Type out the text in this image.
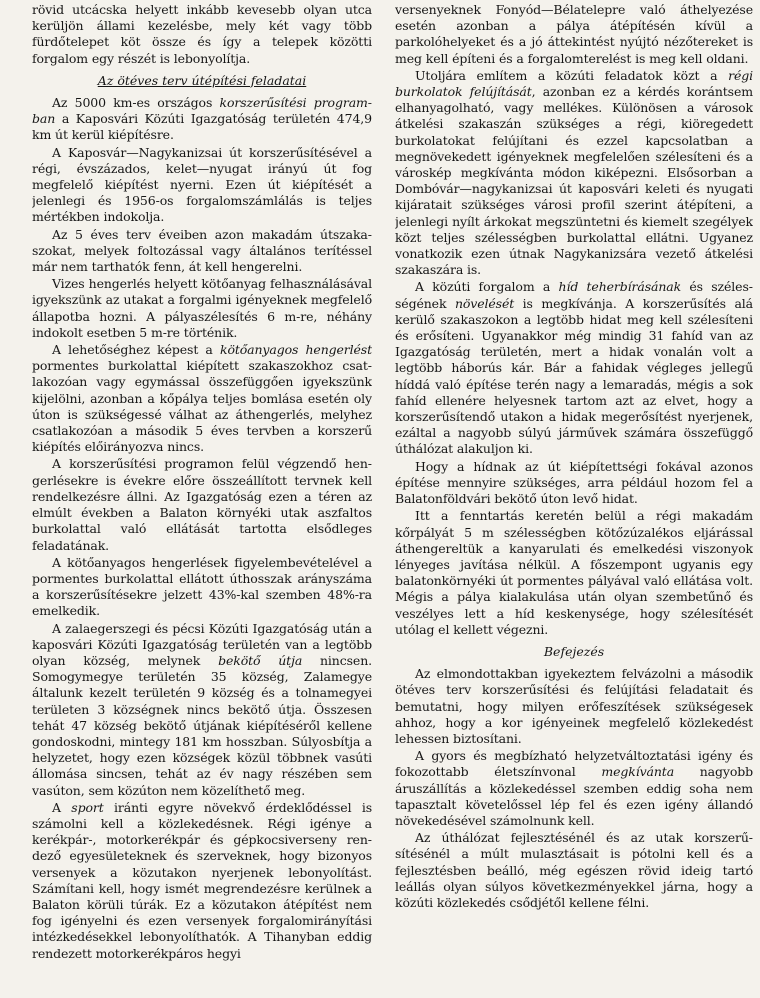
rövid utcácska helyett inkább kevesebb olyan utca kerüljön állami kezelésbe, mely két vagy több fürdőtelepet köt össze és így a telepek közötti forgalom egy részét is lebonyolítja.

Az ötéves terv útépítési feladatai

Az 5000 km-es országos korszerűsítési programban a Kaposvári Közúti Igazgatóság területén 474,9 km út kerül kiépítésre.

A Kaposvár—Nagykanizsai út korszerűsítésével a régi, évszázados, kelet—nyugat irányú út fog megfelelő kiépítést nyerni. Ezen út kiépítését a jelenlegi és 1956-os forgalomszámlálás is teljes mértékben indokolja.

Az 5 éves terv éveiben azon makadám útszakaszokat, melyek foltozással vagy általános terítéssel már nem tarthatók fenn, át kell hengerelni.

Vizes hengerlés helyett kötőanyag felhasználásával igyekszünk az utakat a forgalmi igényeknek megfelelő állapotba hozni. A pályaszélesítés 6 m-re, néhány indokolt esetben 5 m-re történik.

A lehetőséghez képest a kötőanyagos hengerlést pormentes burkolattal kiépített szakaszokhoz csatlakozóan vagy egymással összefüggően igyekszünk kijelölni, azonban a kőpálya teljes bomlása esetén oly úton is szükségessé válhat az áthengerlés, melyhez csatlakozóan a második 5 éves tervben a korszerű kiépítés előirányozva nincs.

A korszerűsítési programon felül végzendő hengerlésekre is évekre előre összeállított tervnek kell rendelkezésre állni. Az Igazgatóság ezen a téren az elmúlt években a Balaton környéki utak aszfaltos burkolattal való ellátását tartotta elsődleges feladatának.

A kötőanyagos hengerlések figyelembevételével a pormentes burkolattal ellátott úthosszak arányszáma a korszerűsítésekre jelzett 43%-kal szemben 48%-ra emelkedik.

A zalaegerszegi és pécsi Közúti Igazgatóság után a kaposvári Közúti Igazgatóság területén van a legtöbb olyan község, melynek bekötő útja nincsen. Somogymegye területén 35 község, Zalamegye általunk kezelt területén 9 község és a tolnamegyei területen 3 községnek nincs bekötő útja. Összesen tehát 47 község bekötő útjának kiépítéséről kellene gondoskodni, mintegy 181 km hosszban. Súlyosbítja a helyzetet, hogy ezen községek közül többnek vasúti állomása sincsen, tehát az év nagy részében sem vasúton, sem közúton nem közelíthető meg.

A sport iránti egyre növekvő érdeklődéssel is számolni kell a közlekedésnek. Régi igénye a kerékpár-, motorkerékpár és gépkocsiverseny rendező egyesületeknek és szerveknek, hogy bizonyos versenyek a közutakon nyerjenek lebonyolítást. Számítani kell, hogy ismét megrendezésre kerülnek a Balaton körüli túrák. Ez a közutakon átépítést nem fog igényelni és ezen versenyek forgalomirányítási intézkedésekkel lebonyolíthatók. A Tihanyban eddig rendezett motorkerékpáros hegyi

versenyeknek Fonyód—Bélatelepre való áthelyezése esetén azonban a pálya átépítésén kívül a parkolóhelyeket és a jó áttekintést nyújtó nézőtereket is meg kell építeni és a forgalomterelést is meg kell oldani.

Utoljára említem a közúti feladatok közt a régi burkolatok felújítását, azonban ez a kérdés korántsem elhanyagolható, vagy mellékes. Különösen a városok átkelési szakaszán szükséges a régi, kiöregedett burkolatokat felújítani és ezzel kapcsolatban a megnövekedett igényeknek megfelelően szélesíteni és a városkép megkívánta módon kiképezni. Elsősorban a Dombóvár—nagykanizsai út kaposvári keleti és nyugati kijáratait szükséges városi profil szerint átépíteni, a jelenlegi nyílt árkokat megszüntetni és kiemelt szegélyek közt teljes szélességben burkolattal ellátni. Ugyanez vonatkozik ezen útnak Nagykanizsára vezető átkelési szakaszára is.

A közúti forgalom a híd teherbírásának és szélességének növelését is megkívánja. A korszerűsítés alá kerülő szakaszokon a legtöbb hidat meg kell szélesíteni és erősíteni. Ugyanakkor még mindig 31 fahíd van az Igazgatóság területén, mert a hidak vonalán volt a legtöbb háborús kár. Bár a fahidak végleges jellegű híddá való építése terén nagy a lemaradás, mégis a sok fahíd ellenére helyesnek tartom azt az elvet, hogy a korszerűsítendő utakon a hidak megerősítést nyerjenek, ezáltal a nagyobb súlyú járművek számára összefüggő úthálózat alakuljon ki.

Hogy a hídnak az út kiépítettségi fokával azonos építése mennyire szükséges, arra például hozom fel a Balatonföldvári bekötő úton levő hidat.

Itt a fenntartás keretén belül a régi makadám kőrpályát 5 m szélességben kötőzúzalékos eljárással áthengereltük a kanyarulati és emelkedési viszonyok lényeges javítása nélkül. A főszempont ugyanis egy balatonkörnyéki út pormentes pályával való ellátása volt. Mégis a pálya kialakulása után olyan szembetűnő és veszélyes lett a híd keskenysége, hogy szélesítését utólag el kellett végezni.

Befejezés

Az elmondottakban igyekeztem felvázolni a második ötéves terv korszerűsítési és felújítási feladatait és bemutatni, hogy milyen erőfeszítések szükségesek ahhoz, hogy a kor igényeinek megfelelő közlekedést lehessen biztosítani.

A gyors és megbízható helyzetváltoztatási igény és fokozottabb életszínvonal megkívánta nagyobb áruszállítás a közlekedéssel szemben eddig soha nem tapasztalt követelőssel lép fel és ezen igény állandó növekedésével számolnunk kell.

Az úthálózat fejlesztésénél és az utak korszerűsítésénél a múlt mulasztásait is pótolni kell és a fejlesztésben beálló, még egészen rövid ideig tartó leállás olyan súlyos következményekkel járna, hogy a közúti közlekedés csődjétől kellene félni.
